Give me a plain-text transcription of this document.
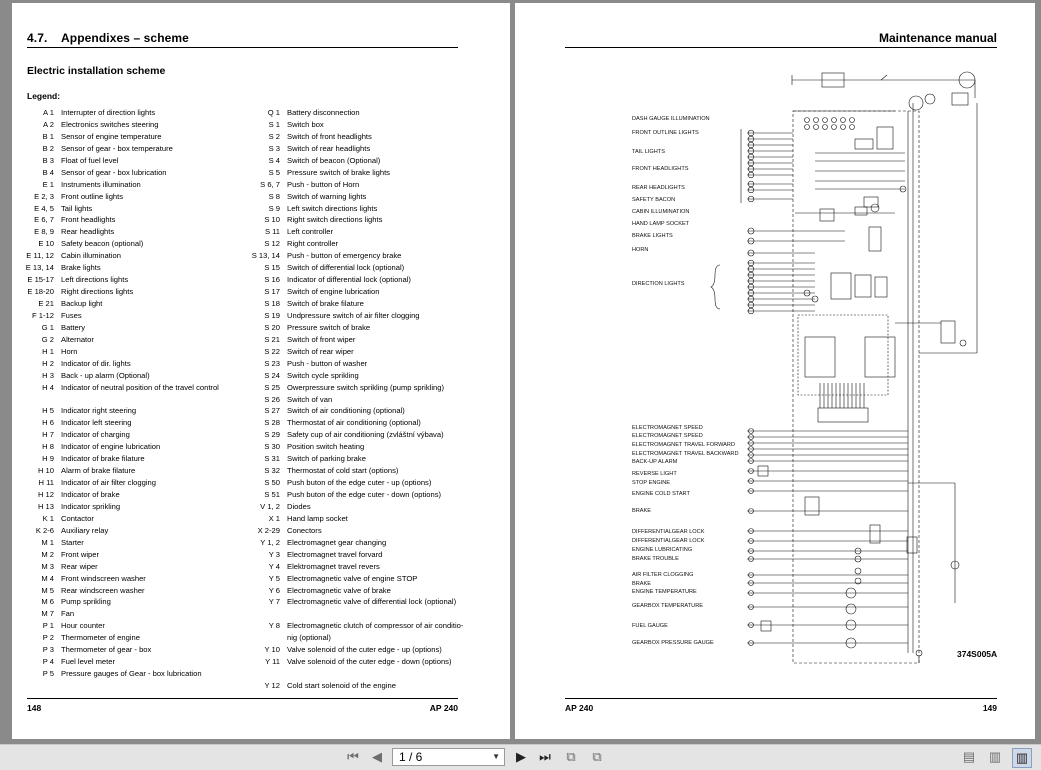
4.7. Appendixes – scheme
Electric installation scheme
Legend:
A 1 Interrupter of direction lights
A 2 Electronics switches steering
B 1 Sensor of engine temperature
B 2 Sensor of gear - box temperature
B 3 Float of fuel level
B 4 Sensor of gear - box lubrication
E 1 Instruments illumination
E 2, 3 Front outline lights
E 4, 5 Tail lights
E 6, 7 Front headlights
E 8, 9 Rear headlights
E 10 Safety beacon (optional)
E 11, 12 Cabin illumination
E 13, 14 Brake lights
E 15-17 Left directions lights
E 18-20 Right directions lights
E 21 Backup light
F 1-12 Fuses
G 1 Battery
G 2 Alternator
H 1 Horn
H 2 Indicator of dir. lights
H 3 Back - up alarm (Optional)
H 4 Indicator of neutral position of the travel control
H 5 Indicator right steering
H 6 Indicator left steering
H 7 Indicator of charging
H 8 Indicator of engine lubrication
H 9 Indicator of brake filature
H 10 Alarm of brake filature
H 11 Indicator of air filter clogging
H 12 Indicator of brake
H 13 Indicator sprikling
K 1 Contactor
K 2-6 Auxiliary relay
M 1 Starter
M 2 Front wiper
M 3 Rear wiper
M 4 Front windscreen washer
M 5 Rear windscreen washer
M 6 Pump sprikling
M 7 Fan
P 1 Hour counter
P 2 Thermometer of engine
P 3 Thermometer of gear - box
P 4 Fuel level meter
P 5 Pressure gauges of Gear - box lubrication
Q 1 Battery disconnection
S 1 Switch box
S 2 Switch of front headlights
S 3 Switch of rear headlights
S 4 Switch of beacon (Optional)
S 5 Pressure switch of brake lights
S 6, 7 Push - button of Horn
S 8 Switch of warning lights
S 9 Left switch directions lights
S 10 Right switch directions lights
S 11 Left controller
S 12 Right controller
S 13, 14 Push - button of emergency brake
S 15 Switch of differential lock (optional)
S 16 Indicator of differential lock (optional)
S 17 Switch of engine lubrication
S 18 Switch of brake filature
S 19 Undpressure switch of air filter clogging
S 20 Pressure switch of brake
S 21 Switch of front wiper
S 22 Switch of rear wiper
S 23 Push - button of washer
S 24 Switch cycle sprikling
S 25 Owerpressure switch sprikling (pump sprikling)
S 26 Switch of van
S 27 Switch of air conditioning (optional)
S 28 Thermostat of air conditioning (optional)
S 29 Safety cup of air conditioning (zvláštní výbava)
S 30 Position switch heating
S 31 Switch of parking brake
S 32 Thermostat of cold start (options)
S 50 Push buton of the edge cuter - up (options)
S 51 Push buton of the edge cuter - down (options)
V 1, 2 Diodes
X 1 Hand lamp socket
X 2-29 Conectors
Y 1, 2 Electromagnet gear changing
Y 3 Electromagnet travel forvard
Y 4 Elektromagnet travel revers
Y 5 Electromagnetic valve of engine STOP
Y 6 Electromagnetic valve of brake
Y 7 Electromagnetic valve of differential lock (optional)
Y 8 Electromagnetic clutch of compressor of air conditio-nig (optional)
Y 10 Valve solenoid of the cuter edge - up (options)
Y 11 Valve solenoid of the cuter edge - down (options)
Y 12 Cold start solenoid of the engine
148	AP 240
Maintenance manual
DASH GAUGE ILLUMINATION
FRONT OUTLINE LIGHTS
TAIL LIGHTS
FRONT HEADLIGHTS
REAR HEADLIGHTS
SAFETY BACON
CABIN ILLUMINATION
HAND LAMP SOCKET
BRAKE LIGHTS
HORN
DIRECTION LIGHTS
ELECTROMAGNET SPEED
ELECTROMAGNET SPEED
ELECTROMAGNET TRAVEL FORWARD
ELECTROMAGNET TRAVEL BACKWARD
BACK-UP ALARM
REVERSE LIGHT
STOP ENGINE
ENGINE COLD START
BRAKE
DIFFERENTIALGEAR LOCK
DIFFERENTIALGEAR LOCK
ENGINE LUBRICATING
BRAKE TROUBLE
AIR FILTER CLOGGING
BRAKE
ENGINE TEMPERATURE
GEARBOX TEMPERATURE
FUEL GAUGE
GEARBOX PRESSURE GAUGE
374S005A
AP 240	149
⏮	◀	1 / 6	▼	▶	⏭	⧉	⧉	▤ ▥ ▥
